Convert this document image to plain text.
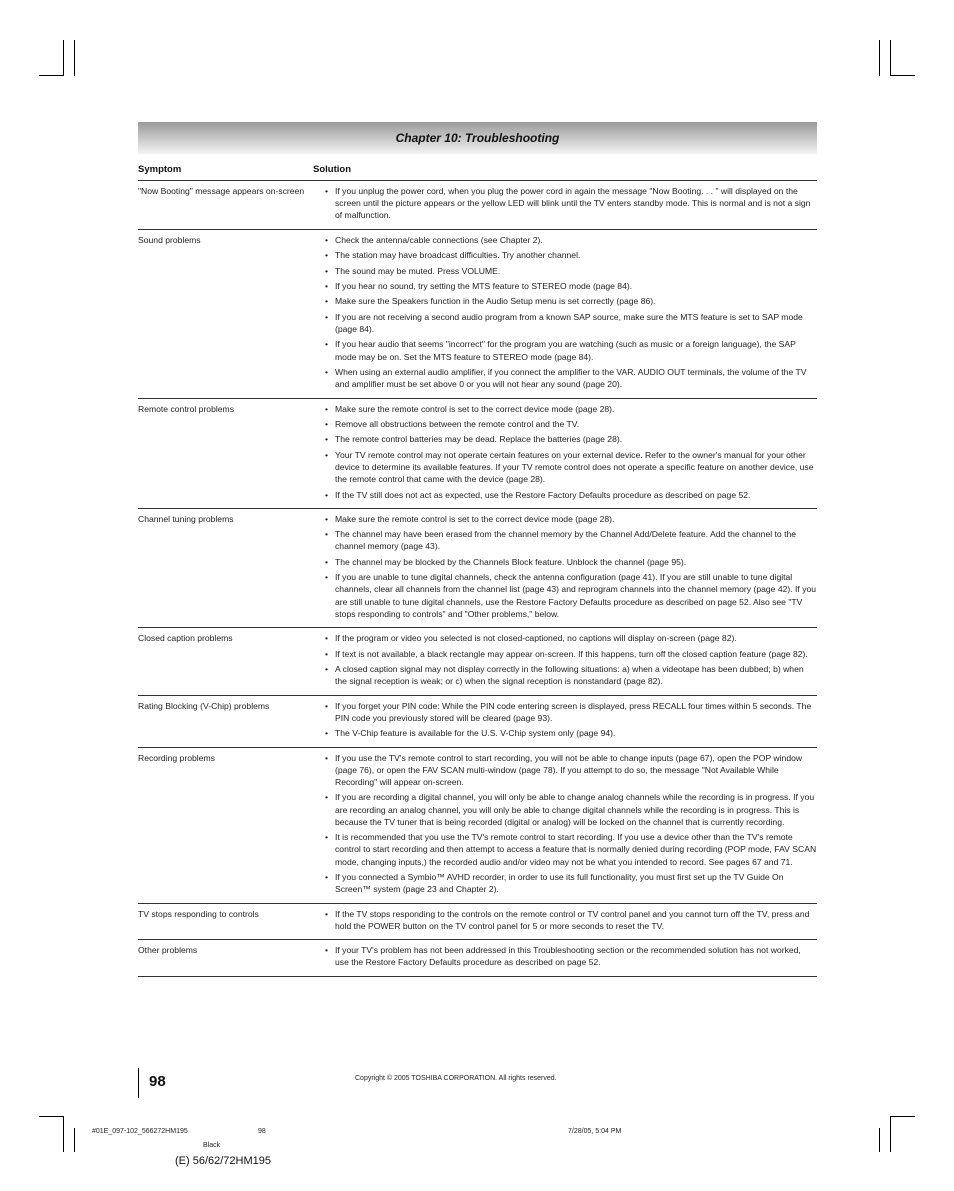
Chapter 10: Troubleshooting
Symptom	Solution
"Now Booting" message appears on-screen	• If you unplug the power cord, when you plug the power cord in again the message "Now Booting. . . " will displayed on the screen until the picture appears or the yellow LED will blink until the TV enters standby mode. This is normal and is not a sign of malfunction.
Sound problems	• Check the antenna/cable connections (see Chapter 2).
• The station may have broadcast difficulties. Try another channel.
• The sound may be muted. Press VOLUME.
• If you hear no sound, try setting the MTS feature to STEREO mode (page 84).
• Make sure the Speakers function in the Audio Setup menu is set correctly (page 86).
• If you are not receiving a second audio program from a known SAP source, make sure the MTS feature is set to SAP mode (page 84).
• If you hear audio that seems "incorrect" for the program you are watching (such as music or a foreign language), the SAP mode may be on. Set the MTS feature to STEREO mode (page 84).
• When using an external audio amplifier, if you connect the amplifier to the VAR. AUDIO OUT terminals, the volume of the TV and amplifier must be set above 0 or you will not hear any sound (page 20).
Remote control problems	• Make sure the remote control is set to the correct device mode (page 28).
• Remove all obstructions between the remote control and the TV.
• The remote control batteries may be dead. Replace the batteries (page 28).
• Your TV remote control may not operate certain features on your external device. Refer to the owner's manual for your other device to determine its available features. If your TV remote control does not operate a specific feature on another device, use the remote control that came with the device (page 28).
• If the TV still does not act as expected, use the Restore Factory Defaults procedure as described on page 52.
Channel tuning problems	• Make sure the remote control is set to the correct device mode (page 28).
• The channel may have been erased from the channel memory by the Channel Add/Delete feature. Add the channel to the channel memory (page 43).
• The channel may be blocked by the Channels Block feature. Unblock the channel (page 95).
• If you are unable to tune digital channels, check the antenna configuration (page 41). If you are still unable to tune digital channels, clear all channels from the channel list (page 43) and reprogram channels into the channel memory (page 42). If you are still unable to tune digital channels, use the Restore Factory Defaults procedure as described on page 52. Also see "TV stops responding to controls" and "Other problems," below.
Closed caption problems	• If the program or video you selected is not closed-captioned, no captions will display on-screen (page 82).
• If text is not available, a black rectangle may appear on-screen. If this happens, turn off the closed caption feature (page 82).
• A closed caption signal may not display correctly in the following situations: a) when a videotape has been dubbed; b) when the signal reception is weak; or c) when the signal reception is nonstandard (page 82).
Rating Blocking (V-Chip) problems	• If you forget your PIN code: While the PIN code entering screen is displayed, press RECALL four times within 5 seconds. The PIN code you previously stored will be cleared (page 93).
• The V-Chip feature is available for the U.S. V-Chip system only (page 94).
Recording problems	• If you use the TV's remote control to start recording, you will not be able to change inputs (page 67), open the POP window (page 76), or open the FAV SCAN multi-window (page 78). If you attempt to do so, the message "Not Available While Recording" will appear on-screen.
• If you are recording a digital channel, you will only be able to change analog channels while the recording is in progress. If you are recording an analog channel, you will only be able to change digital channels while the recording is in progress. This is because the TV tuner that is being recorded (digital or analog) will be locked on the channel that is currently recording.
• It is recommended that you use the TV's remote control to start recording. If you use a device other than the TV's remote control to start recording and then attempt to access a feature that is normally denied during recording (POP mode, FAV SCAN mode, changing inputs,) the recorded audio and/or video may not be what you intended to record. See pages 67 and 71.
• If you connected a Symbio™ AVHD recorder, in order to use its full functionality, you must first set up the TV Guide On Screen™ system (page 23 and Chapter 2).
TV stops responding to controls	• If the TV stops responding to the controls on the remote control or TV control panel and you cannot turn off the TV, press and hold the POWER button on the TV control panel for 5 or more seconds to reset the TV.
Other problems	• If your TV's problem has not been addressed in this Troubleshooting section or the recommended solution has not worked, use the Restore Factory Defaults procedure as described on page 52.
98	Copyright © 2005 TOSHIBA CORPORATION. All rights reserved.
#01E_097-102_566272HM195	98	7/28/05, 5:04 PM
Black
(E) 56/62/72HM195
